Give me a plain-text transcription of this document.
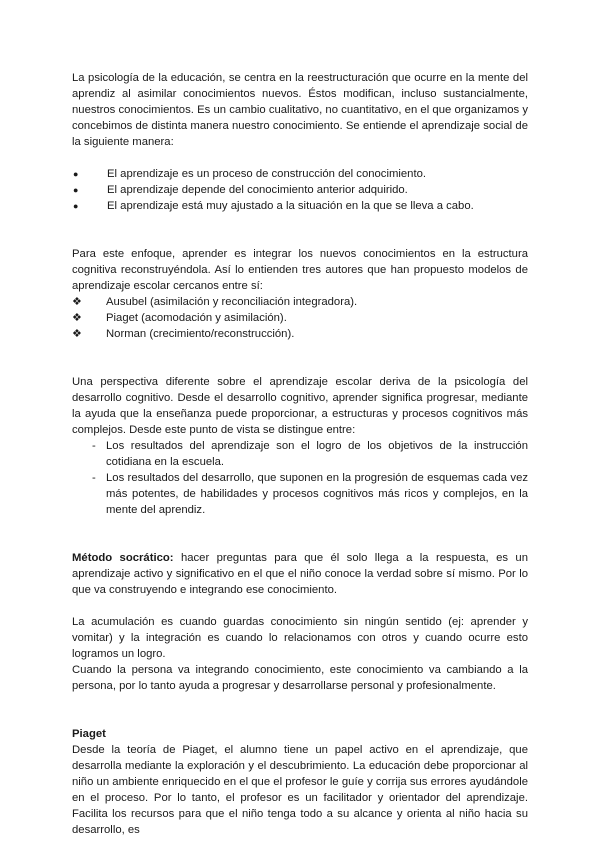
La psicología de la educación, se centra en la reestructuración que ocurre en la mente del aprendiz al asimilar conocimientos nuevos. Éstos modifican, incluso sustancialmente, nuestros conocimientos. Es un cambio cualitativo, no cuantitativo, en el que organizamos y concebimos de distinta manera nuestro conocimiento. Se entiende el aprendizaje social de la siguiente manera:

●	El aprendizaje es un proceso de construcción del conocimiento.
●	El aprendizaje depende del conocimiento anterior adquirido.
●	El aprendizaje está muy ajustado a la situación en la que se lleva a cabo.

Para este enfoque, aprender es integrar los nuevos conocimientos en la estructura cognitiva reconstruyéndola. Así lo entienden tres autores que han propuesto modelos de aprendizaje escolar cercanos entre sí:

❖	Ausubel (asimilación y reconciliación integradora).
❖	Piaget (acomodación y asimilación).
❖	Norman (crecimiento/reconstrucción).

Una perspectiva diferente sobre el aprendizaje escolar deriva de la psicología del desarrollo cognitivo. Desde el desarrollo cognitivo, aprender significa progresar, mediante la ayuda que la enseñanza puede proporcionar, a estructuras y procesos cognitivos más complejos. Desde este punto de vista se distingue entre:

- Los resultados del aprendizaje son el logro de los objetivos de la instrucción cotidiana en la escuela.
- Los resultados del desarrollo, que suponen en la progresión de esquemas cada vez más potentes, de habilidades y procesos cognitivos más ricos y complejos, en la mente del aprendiz.

Método socrático: hacer preguntas para que él solo llega a la respuesta, es un aprendizaje activo y significativo en el que el niño conoce la verdad sobre sí mismo. Por lo que va construyendo e integrando ese conocimiento.

La acumulación es cuando guardas conocimiento sin ningún sentido (ej: aprender y vomitar) y la integración es cuando lo relacionamos con otros y cuando ocurre esto logramos un logro.

Cuando la persona va integrando conocimiento, este conocimiento va cambiando a la persona, por lo tanto ayuda a progresar y desarrollarse personal y profesionalmente.

Piaget

Desde la teoría de Piaget, el alumno tiene un papel activo en el aprendizaje, que desarrolla mediante la exploración y el descubrimiento. La educación debe proporcionar al niño un ambiente enriquecido en el que el profesor le guíe y corrija sus errores ayudándole en el proceso. Por lo tanto, el profesor es un facilitador y orientador del aprendizaje. Facilita los recursos para que el niño tenga todo a su alcance y orienta al niño hacia su desarrollo, es
